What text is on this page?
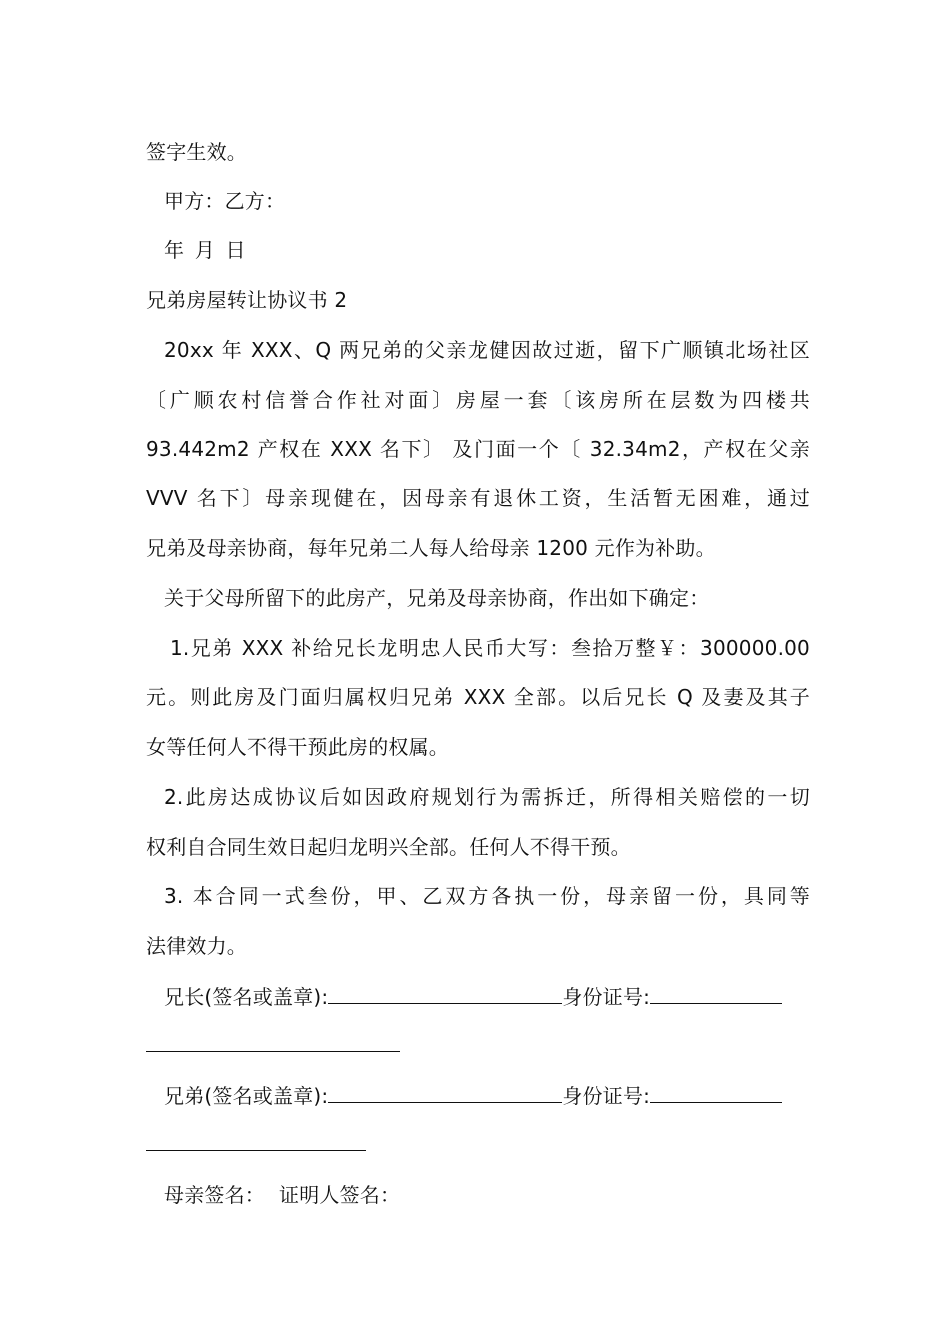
签字生效。
甲方：乙方：
年 月 日
兄弟房屋转让协议书 2
20xx 年 XXX、Q 两兄弟的父亲龙健因故过逝，留下广顺镇北场社区
〔广顺农村信誉合作社对面〕房屋一套〔该房所在层数为四楼共
93.442m2 产权在 XXX 名下〕 及门面一个〔 32.34m2，产权在父亲
VVV 名下〕母亲现健在，因母亲有退休工资，生活暂无困难，通过
兄弟及母亲协商，每年兄弟二人每人给母亲 1200 元作为补助。
关于父母所留下的此房产，兄弟及母亲协商，作出如下确定：
1.兄弟 XXX 补给兄长龙明忠人民币大写：叁拾万整￥：300000.00
元。则此房及门面归属权归兄弟 XXX 全部。以后兄长 Q 及妻及其子
女等任何人不得干预此房的权属。
2.此房达成协议后如因政府规划行为需拆迁，所得相关赔偿的一切
权利自合同生效日起归龙明兴全部。任何人不得干预。
3. 本合同一式叁份，甲、乙双方各执一份，母亲留一份，具同等
法律效力。
兄长(签名或盖章):	身份证号:
兄弟(签名或盖章):	身份证号:
母亲签名： 证明人签名：
